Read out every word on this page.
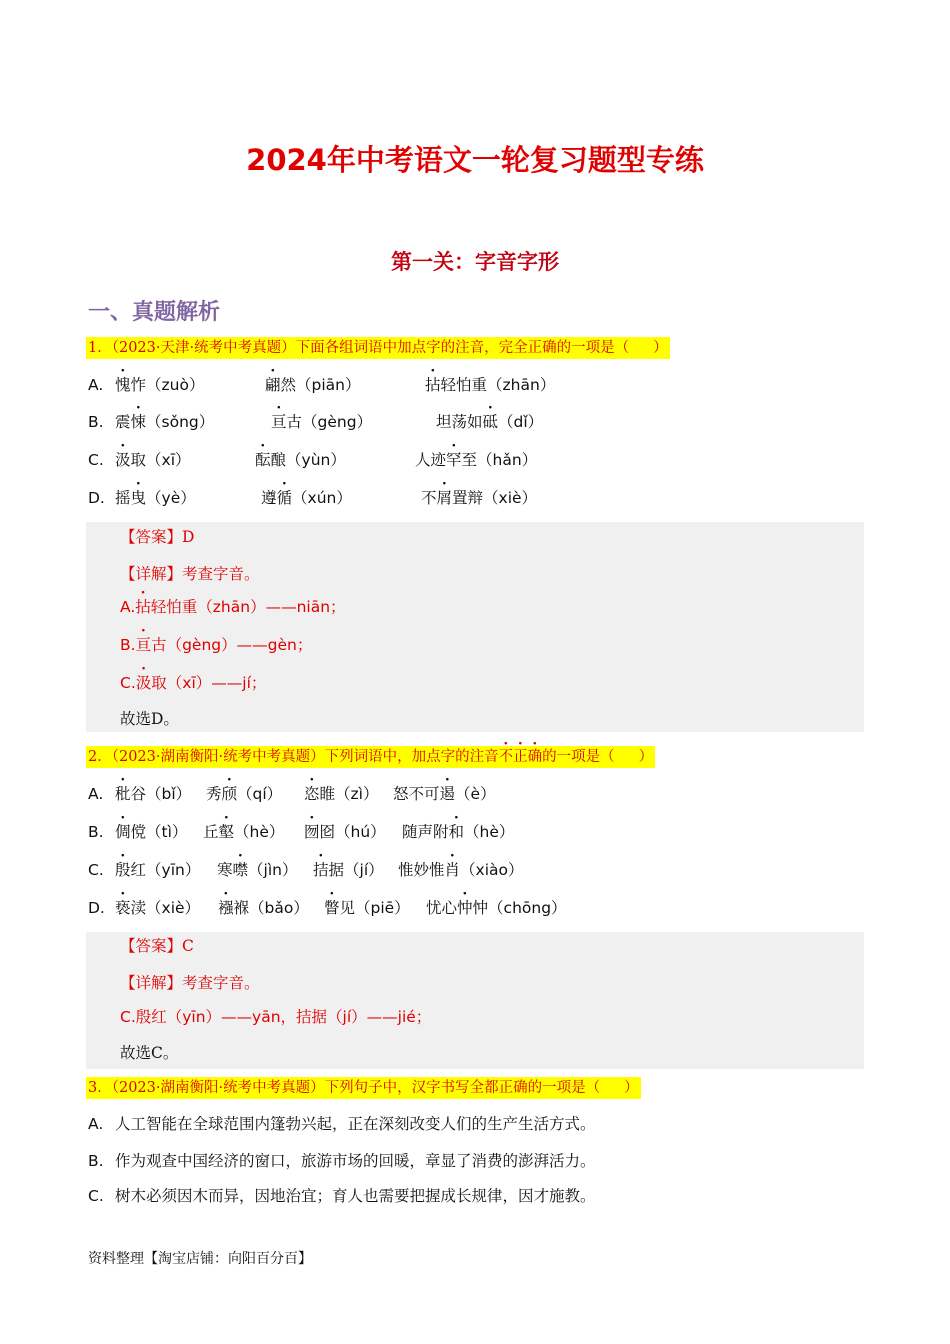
2024年中考语文一轮复习题型专练
第一关：字音字形
一、真题解析
1．（2023·天津·统考中考真题）下面各组词语中加点字的注音，完全正确的一项是（ ）
A. 愧怍（zuò）	翩然（piān）	拈轻怕重（zhān）
B. 震悚（sǒng）	亘古（gèng）	坦荡如砥（dǐ）
C. 汲取（xī）	酝酿（yùn）	人迹罕至（hǎn）
D. 摇曳（yè）	遵循（xún）	不屑置辩（xiè）
【答案】D
【详解】考查字音。
A.拈轻怕重（zhān）——niān；
B.亘古（gèng）——gèn；
C.汲取（xī）——jí；
故选D。
2．（2023·湖南衡阳·统考中考真题）下列词语中，加点字的注音不正确的一项是（ ）
A. 秕谷（bǐ） 秀颀（qí） 恣睢（zì） 怒不可遏（è）
B. 倜傥（tì） 丘壑（hè） 囫囵（hú） 随声附和（hè）
C. 殷红（yīn） 寒噤（jìn） 拮据（jí） 惟妙惟肖（xiào）
D. 亵渎（xiè） 襁褓（bǎo） 瞥见（piē） 忧心忡忡（chōng）
【答案】C
【详解】考查字音。
C.殷红（yīn）——yān，拮据（jí）——jié；
故选C。
3．（2023·湖南衡阳·统考中考真题）下列句子中，汉字书写全都正确的一项是（ ）
A. 人工智能在全球范围内篷勃兴起，正在深刻改变人们的生产生活方式。
B. 作为观查中国经济的窗口，旅游市场的回暖，章显了消费的澎湃活力。
C. 树木必须因木而异，因地治宜；育人也需要把握成长规律，因才施教。
资料整理【淘宝店铺：向阳百分百】
